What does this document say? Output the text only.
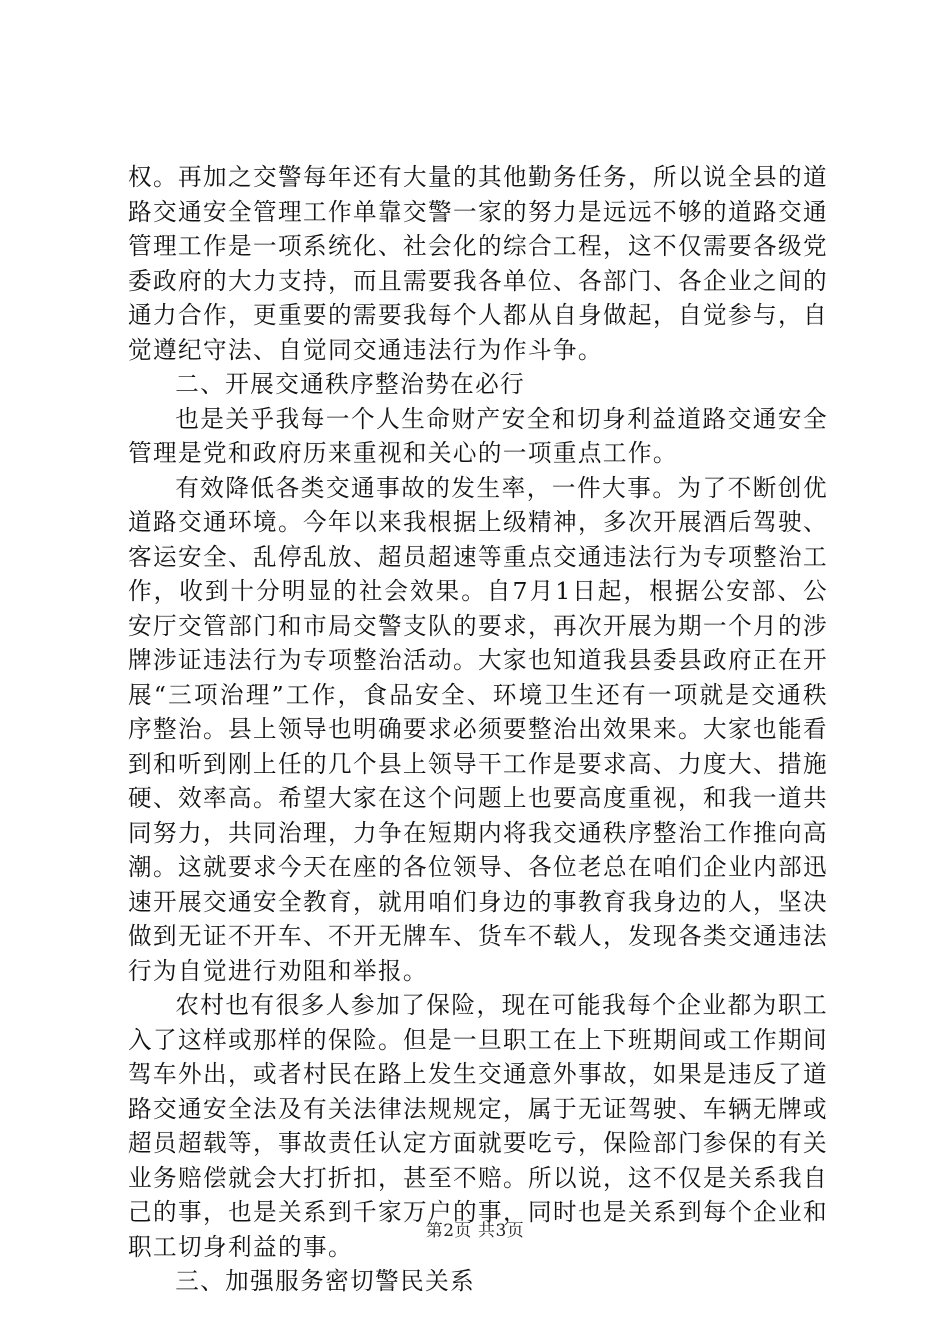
权。再加之交警每年还有大量的其他勤务任务，所以说全县的道路交通安全管理工作单靠交警一家的努力是远远不够的道路交通管理工作是一项系统化、社会化的综合工程，这不仅需要各级党委政府的大力支持，而且需要我各单位、各部门、各企业之间的通力合作，更重要的需要我每个人都从自身做起，自觉参与，自觉遵纪守法、自觉同交通违法行为作斗争。

二、开展交通秩序整治势在必行

也是关乎我每一个人生命财产安全和切身利益道路交通安全管理是党和政府历来重视和关心的一项重点工作。

有效降低各类交通事故的发生率，一件大事。为了不断创优道路交通环境。今年以来我根据上级精神，多次开展酒后驾驶、客运安全、乱停乱放、超员超速等重点交通违法行为专项整治工作，收到十分明显的社会效果。自7月1日起，根据公安部、公安厅交管部门和市局交警支队的要求，再次开展为期一个月的涉牌涉证违法行为专项整治活动。大家也知道我县委县政府正在开展“三项治理”工作，食品安全、环境卫生还有一项就是交通秩序整治。县上领导也明确要求必须要整治出效果来。大家也能看到和听到刚上任的几个县上领导干工作是要求高、力度大、措施硬、效率高。希望大家在这个问题上也要高度重视，和我一道共同努力，共同治理，力争在短期内将我交通秩序整治工作推向高潮。这就要求今天在座的各位领导、各位老总在咱们企业内部迅速开展交通安全教育，就用咱们身边的事教育我身边的人，坚决做到无证不开车、不开无牌车、货车不载人，发现各类交通违法行为自觉进行劝阻和举报。

农村也有很多人参加了保险，现在可能我每个企业都为职工入了这样或那样的保险。但是一旦职工在上下班期间或工作期间驾车外出，或者村民在路上发生交通意外事故，如果是违反了道路交通安全法及有关法律法规规定，属于无证驾驶、车辆无牌或超员超载等，事故责任认定方面就要吃亏，保险部门参保的有关业务赔偿就会大打折扣，甚至不赔。所以说，这不仅是关系我自己的事，也是关系到千家万户的事，同时也是关系到每个企业和职工切身利益的事。

三、加强服务密切警民关系

第2页 共3页
